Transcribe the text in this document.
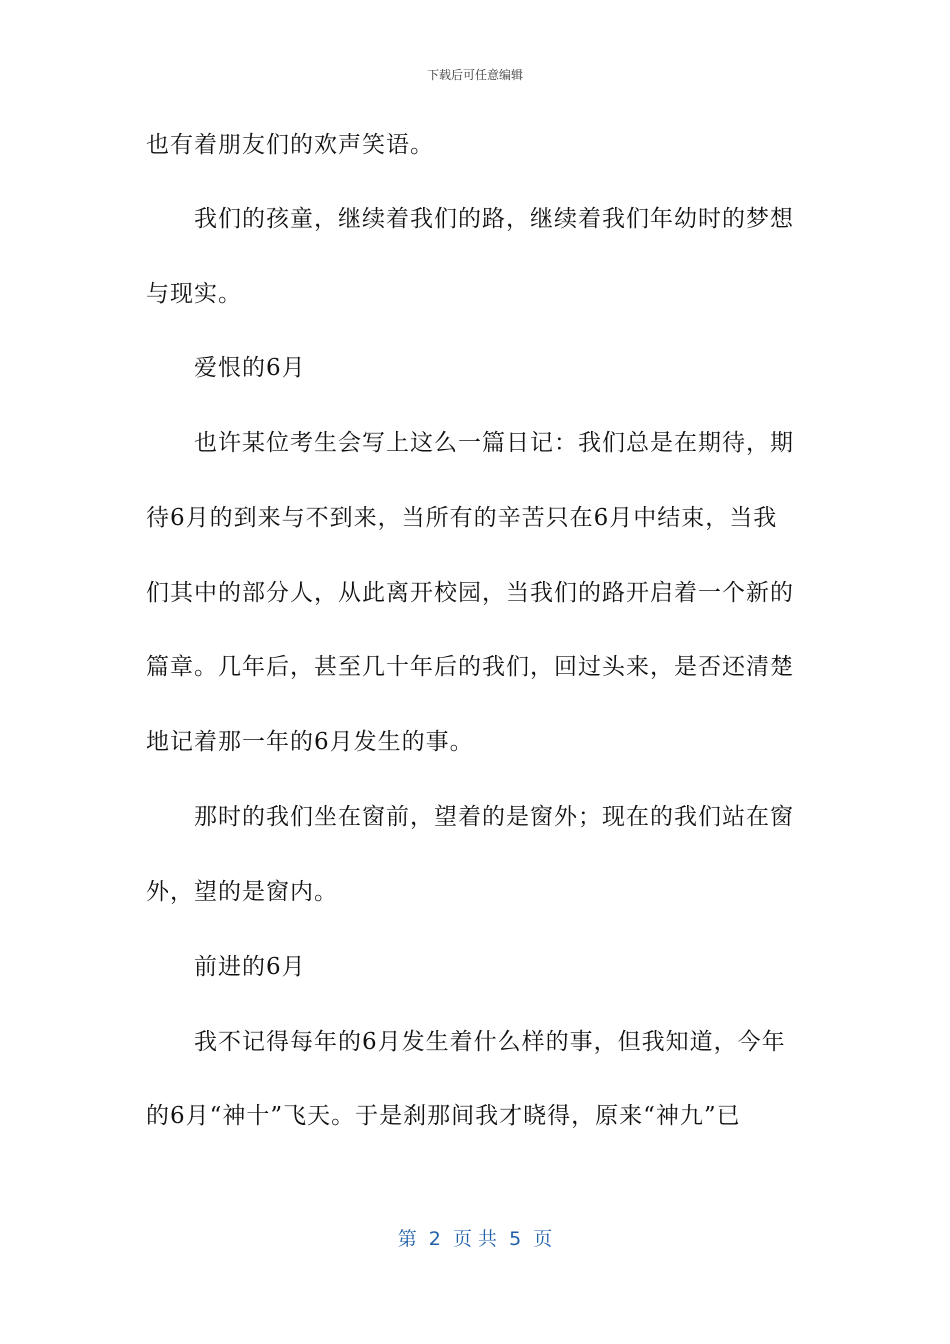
下载后可任意编辑
也有着朋友们的欢声笑语。
我们的孩童，继续着我们的路，继续着我们年幼时的梦想
与现实。
爱恨的6月
也许某位考生会写上这么一篇日记：我们总是在期待，期
待6月的到来与不到来，当所有的辛苦只在6月中结束，当我
们其中的部分人，从此离开校园，当我们的路开启着一个新的
篇章。几年后，甚至几十年后的我们，回过头来，是否还清楚
地记着那一年的6月发生的事。
那时的我们坐在窗前，望着的是窗外；现在的我们站在窗
外，望的是窗内。
前进的6月
我不记得每年的6月发生着什么样的事，但我知道，今年
的6月“神十”飞天。于是刹那间我才晓得，原来“神九”已
第  2  页 共  5  页
